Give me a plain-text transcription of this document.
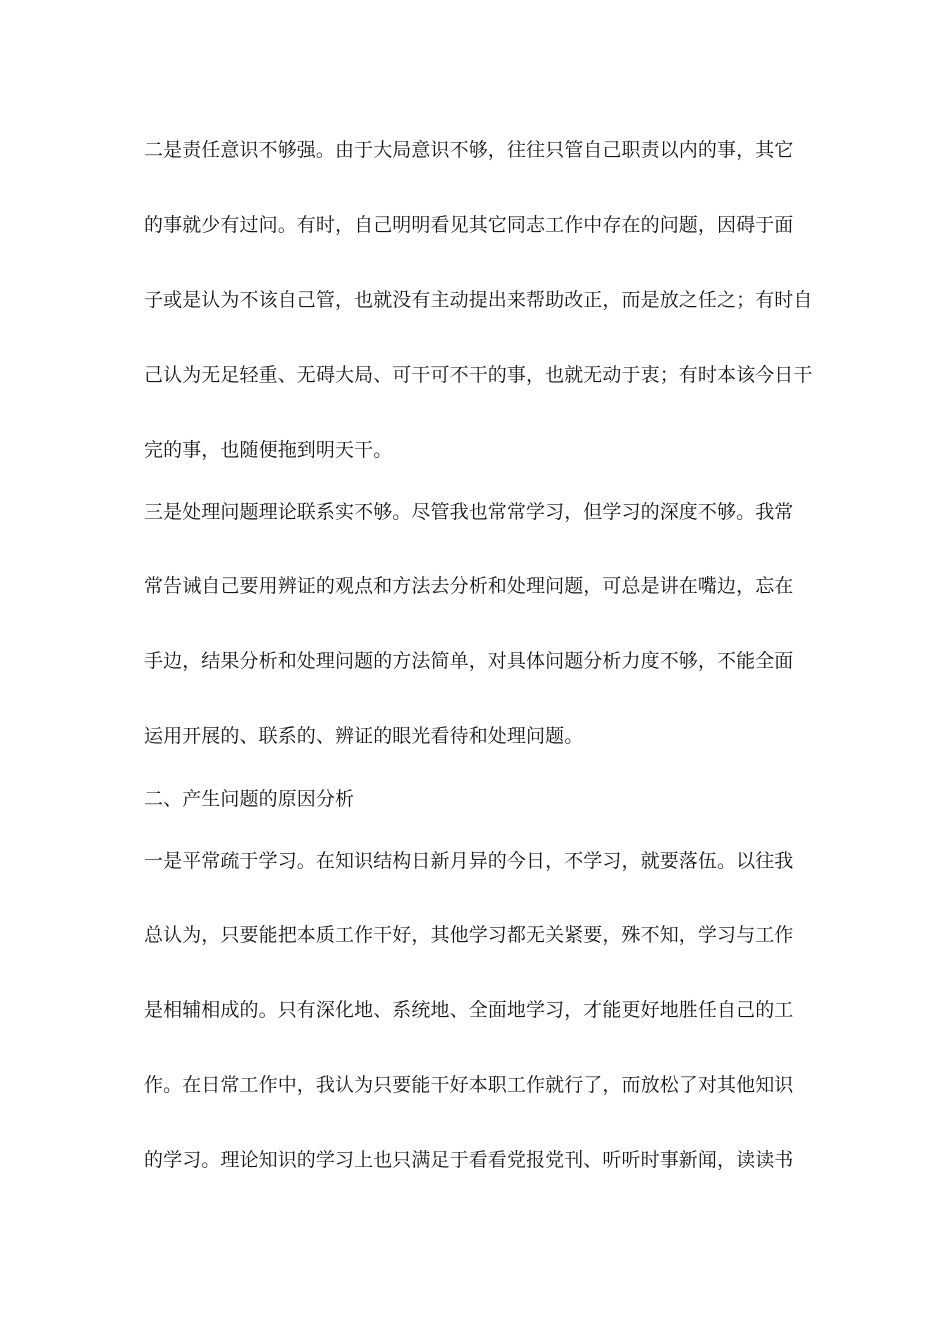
二是责任意识不够强。由于大局意识不够，往往只管自己职责以内的事，其它
的事就少有过问。有时，自己明明看见其它同志工作中存在的问题，因碍于面
子或是认为不该自己管，也就没有主动提出来帮助改正，而是放之任之；有时自
己认为无足轻重、无碍大局、可干可不干的事，也就无动于衷；有时本该今日干
完的事，也随便拖到明天干。
三是处理问题理论联系实不够。尽管我也常常学习，但学习的深度不够。我常
常告诫自己要用辨证的观点和方法去分析和处理问题，可总是讲在嘴边，忘在
手边，结果分析和处理问题的方法简单，对具体问题分析力度不够，不能全面
运用开展的、联系的、辨证的眼光看待和处理问题。
二、产生问题的原因分析
一是平常疏于学习。在知识结构日新月异的今日，不学习，就要落伍。以往我
总认为，只要能把本质工作干好，其他学习都无关紧要，殊不知，学习与工作
是相辅相成的。只有深化地、系统地、全面地学习，才能更好地胜任自己的工
作。在日常工作中，我认为只要能干好本职工作就行了，而放松了对其他知识
的学习。理论知识的学习上也只满足于看看党报党刊、听听时事新闻，读读书
